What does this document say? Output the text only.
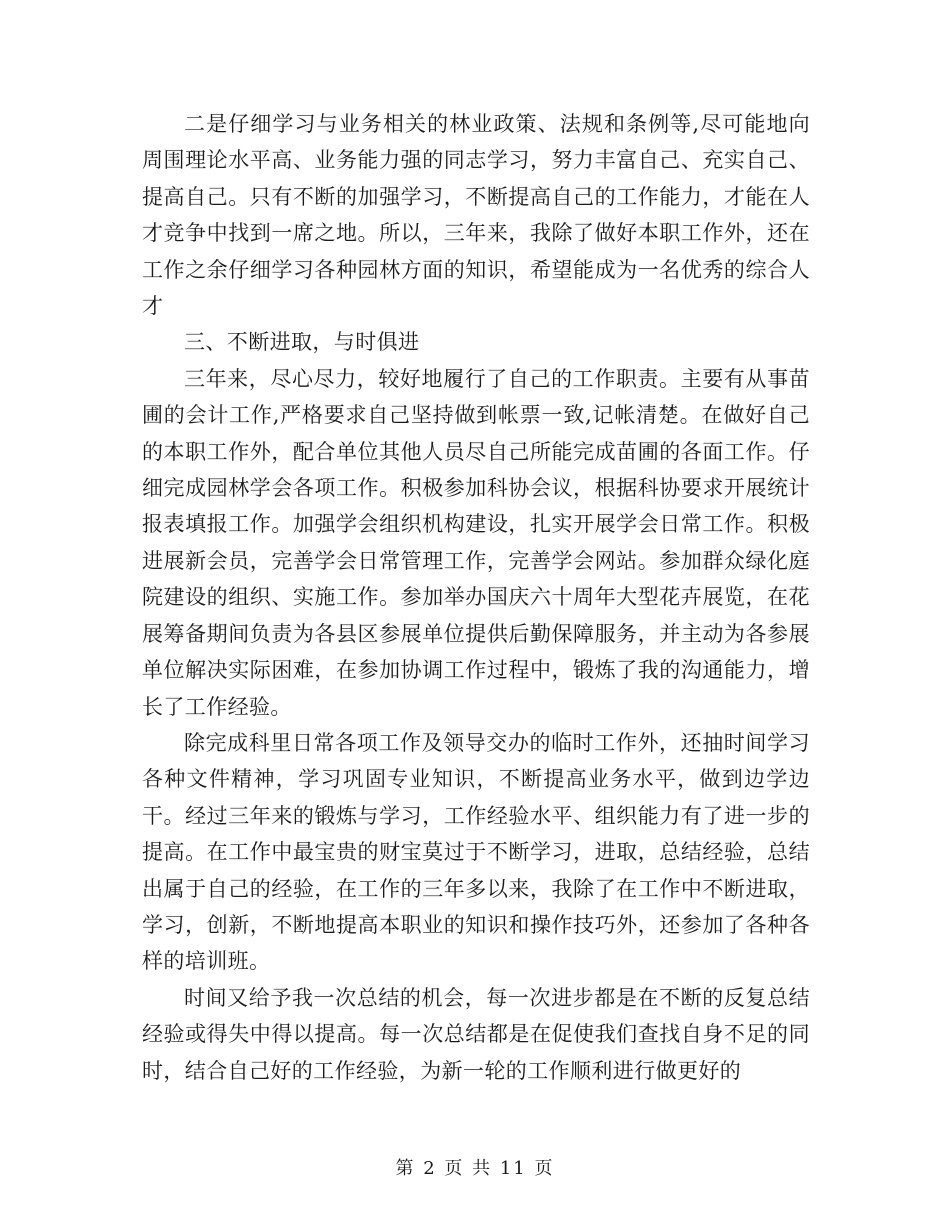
二是仔细学习与业务相关的林业政策、法规和条例等,尽可能地向周围理论水平高、业务能力强的同志学习，努力丰富自己、充实自己、提高自己。只有不断的加强学习，不断提高自己的工作能力，才能在人才竞争中找到一席之地。所以，三年来，我除了做好本职工作外，还在工作之余仔细学习各种园林方面的知识，希望能成为一名优秀的综合人才

三、不断进取，与时俱进

三年来，尽心尽力，较好地履行了自己的工作职责。主要有从事苗圃的会计工作,严格要求自己坚持做到帐票一致,记帐清楚。在做好自己的本职工作外，配合单位其他人员尽自己所能完成苗圃的各面工作。仔细完成园林学会各项工作。积极参加科协会议，根据科协要求开展统计报表填报工作。加强学会组织机构建设，扎实开展学会日常工作。积极进展新会员，完善学会日常管理工作，完善学会网站。参加群众绿化庭院建设的组织、实施工作。参加举办国庆六十周年大型花卉展览，在花展筹备期间负责为各县区参展单位提供后勤保障服务，并主动为各参展单位解决实际困难，在参加协调工作过程中，锻炼了我的沟通能力，增长了工作经验。

除完成科里日常各项工作及领导交办的临时工作外，还抽时间学习各种文件精神，学习巩固专业知识，不断提高业务水平，做到边学边干。经过三年来的锻炼与学习，工作经验水平、组织能力有了进一步的提高。在工作中最宝贵的财宝莫过于不断学习，进取，总结经验，总结出属于自己的经验，在工作的三年多以来，我除了在工作中不断进取，学习，创新，不断地提高本职业的知识和操作技巧外，还参加了各种各样的培训班。

时间又给予我一次总结的机会，每一次进步都是在不断的反复总结经验或得失中得以提高。每一次总结都是在促使我们查找自身不足的同时，结合自己好的工作经验，为新一轮的工作顺利进行做更好的

第 2 页 共 11 页
